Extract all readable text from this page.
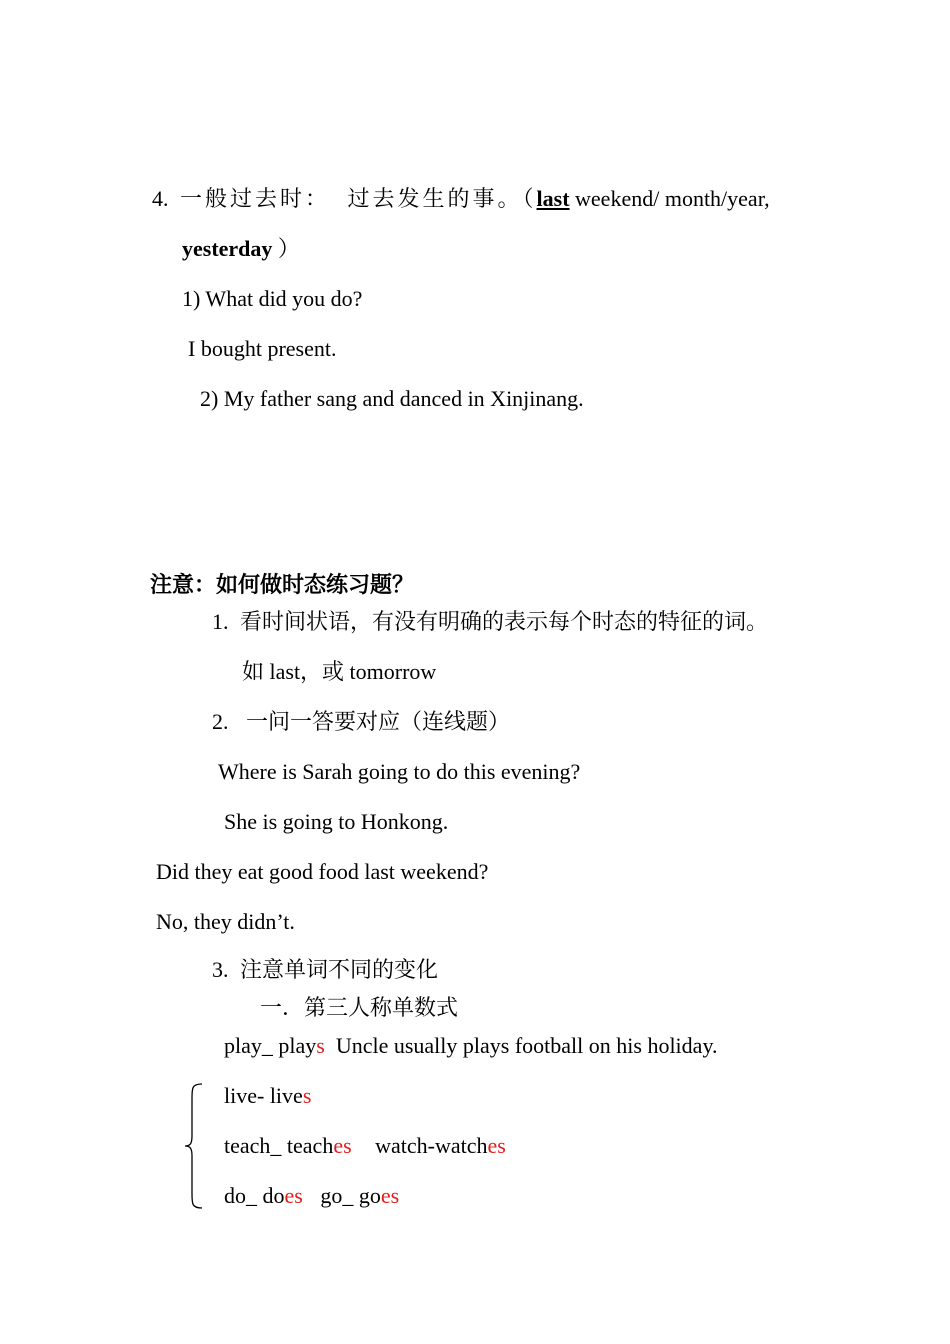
4. 一般过去时： 过去发生的事。（last weekend/ month/year,
yesterday ）
1) What did you do?
I bought present.
2) My father sang and danced in Xinjinang.
注意：如何做时态练习题？
1. 看时间状语，有没有明确的表示每个时态的特征的词。
如 last，或 tomorrow
2. 一问一答要对应（连线题）
Where is Sarah going to do this evening?
She is going to Honkong.
Did they eat good food last weekend?
No, they didn’t.
3. 注意单词不同的变化
一．第三人称单数式
play_ plays  Uncle usually plays football on his holiday.
live- lives
teach_ teaches watch-watches
do_ does go_ goes
